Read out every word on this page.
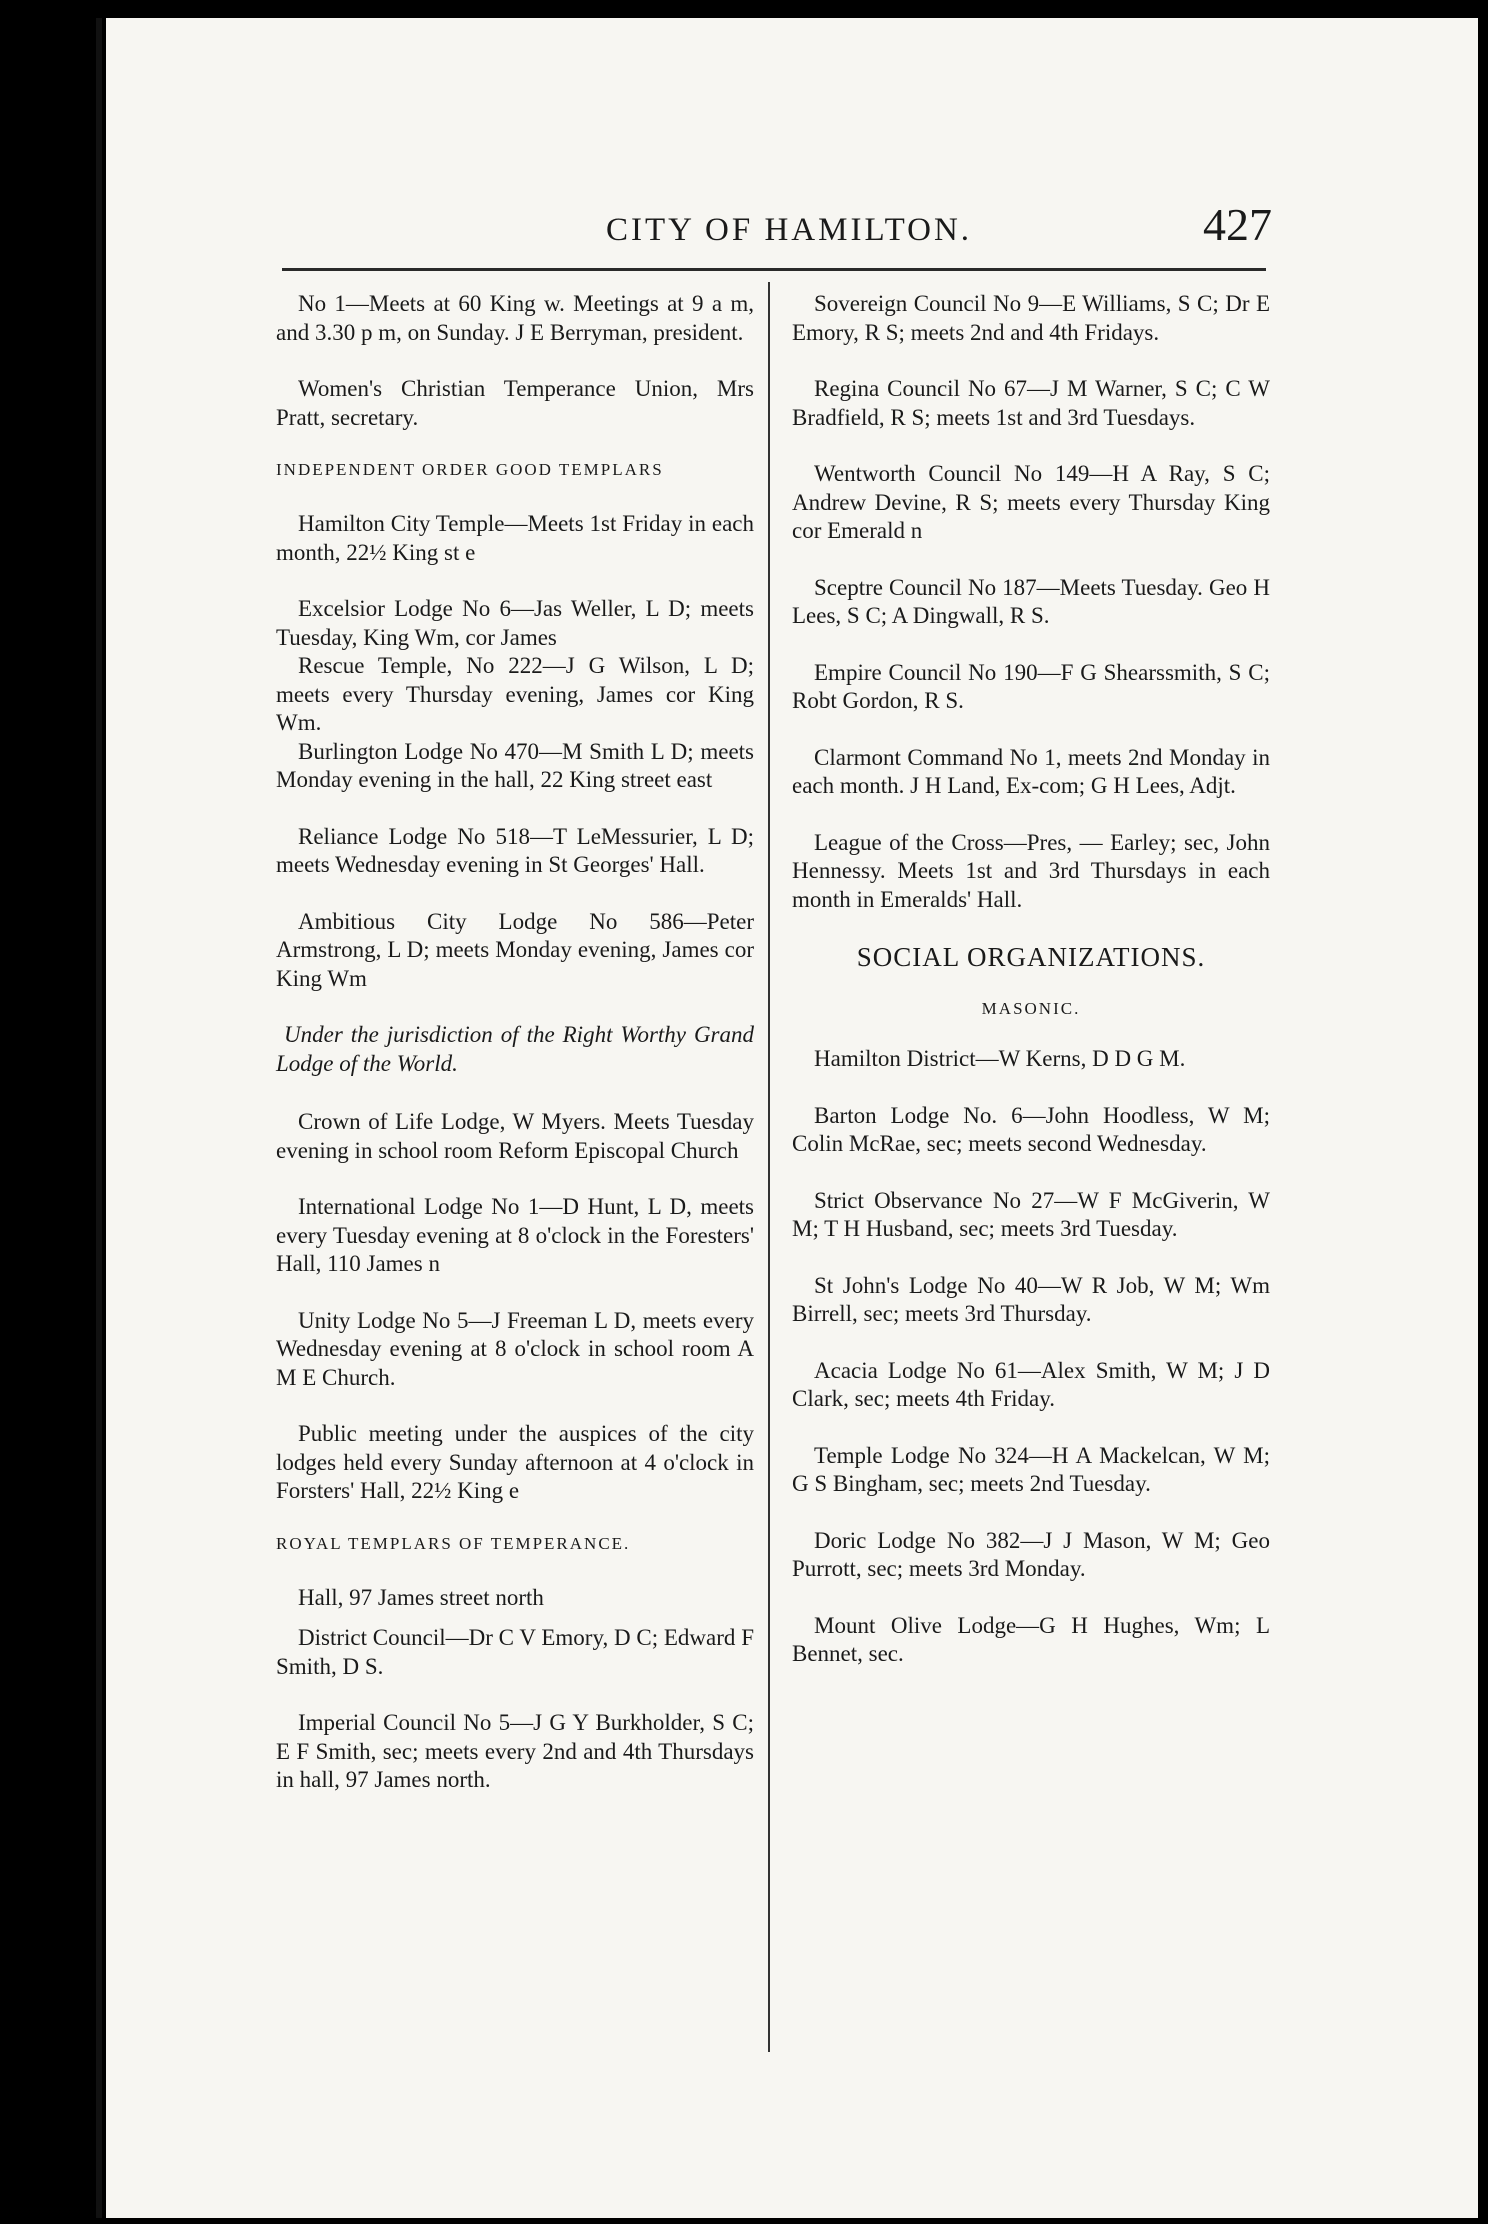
CITY OF HAMILTON.	427
No 1—Meets at 60 King w. Meetings at 9 a m, and 3.30 p m, on Sunday. J E Berryman, president.
Women's Christian Temperance Union, Mrs Pratt, secretary.
INDEPENDENT ORDER GOOD TEMPLARS
Hamilton City Temple—Meets 1st Friday in each month, 22½ King st e
Excelsior Lodge No 6—Jas Weller, L D; meets Tuesday, King Wm, cor James
Rescue Temple, No 222—J G Wilson, L D; meets every Thursday evening, James cor King Wm.
Burlington Lodge No 470—M Smith L D; meets Monday evening in the hall, 22 King street east
Reliance Lodge No 518—T LeMessurier, L D; meets Wednesday evening in St Georges' Hall.
Ambitious City Lodge No 586—Peter Armstrong, L D; meets Monday evening, James cor King Wm
Under the jurisdiction of the Right Worthy Grand Lodge of the World.
Crown of Life Lodge, W Myers. Meets Tuesday evening in school room Reform Episcopal Church
International Lodge No 1—D Hunt, L D, meets every Tuesday evening at 8 o'clock in the Foresters' Hall, 110 James n
Unity Lodge No 5—J Freeman L D, meets every Wednesday evening at 8 o'clock in school room A M E Church.
Public meeting under the auspices of the city lodges held every Sunday afternoon at 4 o'clock in Forsters' Hall, 22½ King e
ROYAL TEMPLARS OF TEMPERANCE.
Hall, 97 James street north
District Council—Dr C V Emory, D C; Edward F Smith, D S.
Imperial Council No 5—J G Y Burkholder, S C; E F Smith, sec; meets every 2nd and 4th Thursdays in hall, 97 James north.
Sovereign Council No 9—E Williams, S C; Dr E Emory, R S; meets 2nd and 4th Fridays.
Regina Council No 67—J M Warner, S C; C W Bradfield, R S; meets 1st and 3rd Tuesdays.
Wentworth Council No 149—H A Ray, S C; Andrew Devine, R S; meets every Thursday King cor Emerald n
Sceptre Council No 187—Meets Tuesday. Geo H Lees, S C; A Dingwall, R S.
Empire Council No 190—F G Shearssmith, S C; Robt Gordon, R S.
Clarmont Command No 1, meets 2nd Monday in each month. J H Land, Ex-com; G H Lees, Adjt.
League of the Cross—Pres, — Earley; sec, John Hennessy. Meets 1st and 3rd Thursdays in each month in Emeralds' Hall.
SOCIAL ORGANIZATIONS.
MASONIC.
Hamilton District—W Kerns, D D G M.
Barton Lodge No. 6—John Hoodless, W M; Colin McRae, sec; meets second Wednesday.
Strict Observance No 27—W F McGiverin, W M; T H Husband, sec; meets 3rd Tuesday.
St John's Lodge No 40—W R Job, W M; Wm Birrell, sec; meets 3rd Thursday.
Acacia Lodge No 61—Alex Smith, W M; J D Clark, sec; meets 4th Friday.
Temple Lodge No 324—H A Mackelcan, W M; G S Bingham, sec; meets 2nd Tuesday.
Doric Lodge No 382—J J Mason, W M; Geo Purrott, sec; meets 3rd Monday.
Mount Olive Lodge—G H Hughes, Wm; L Bennet, sec.
